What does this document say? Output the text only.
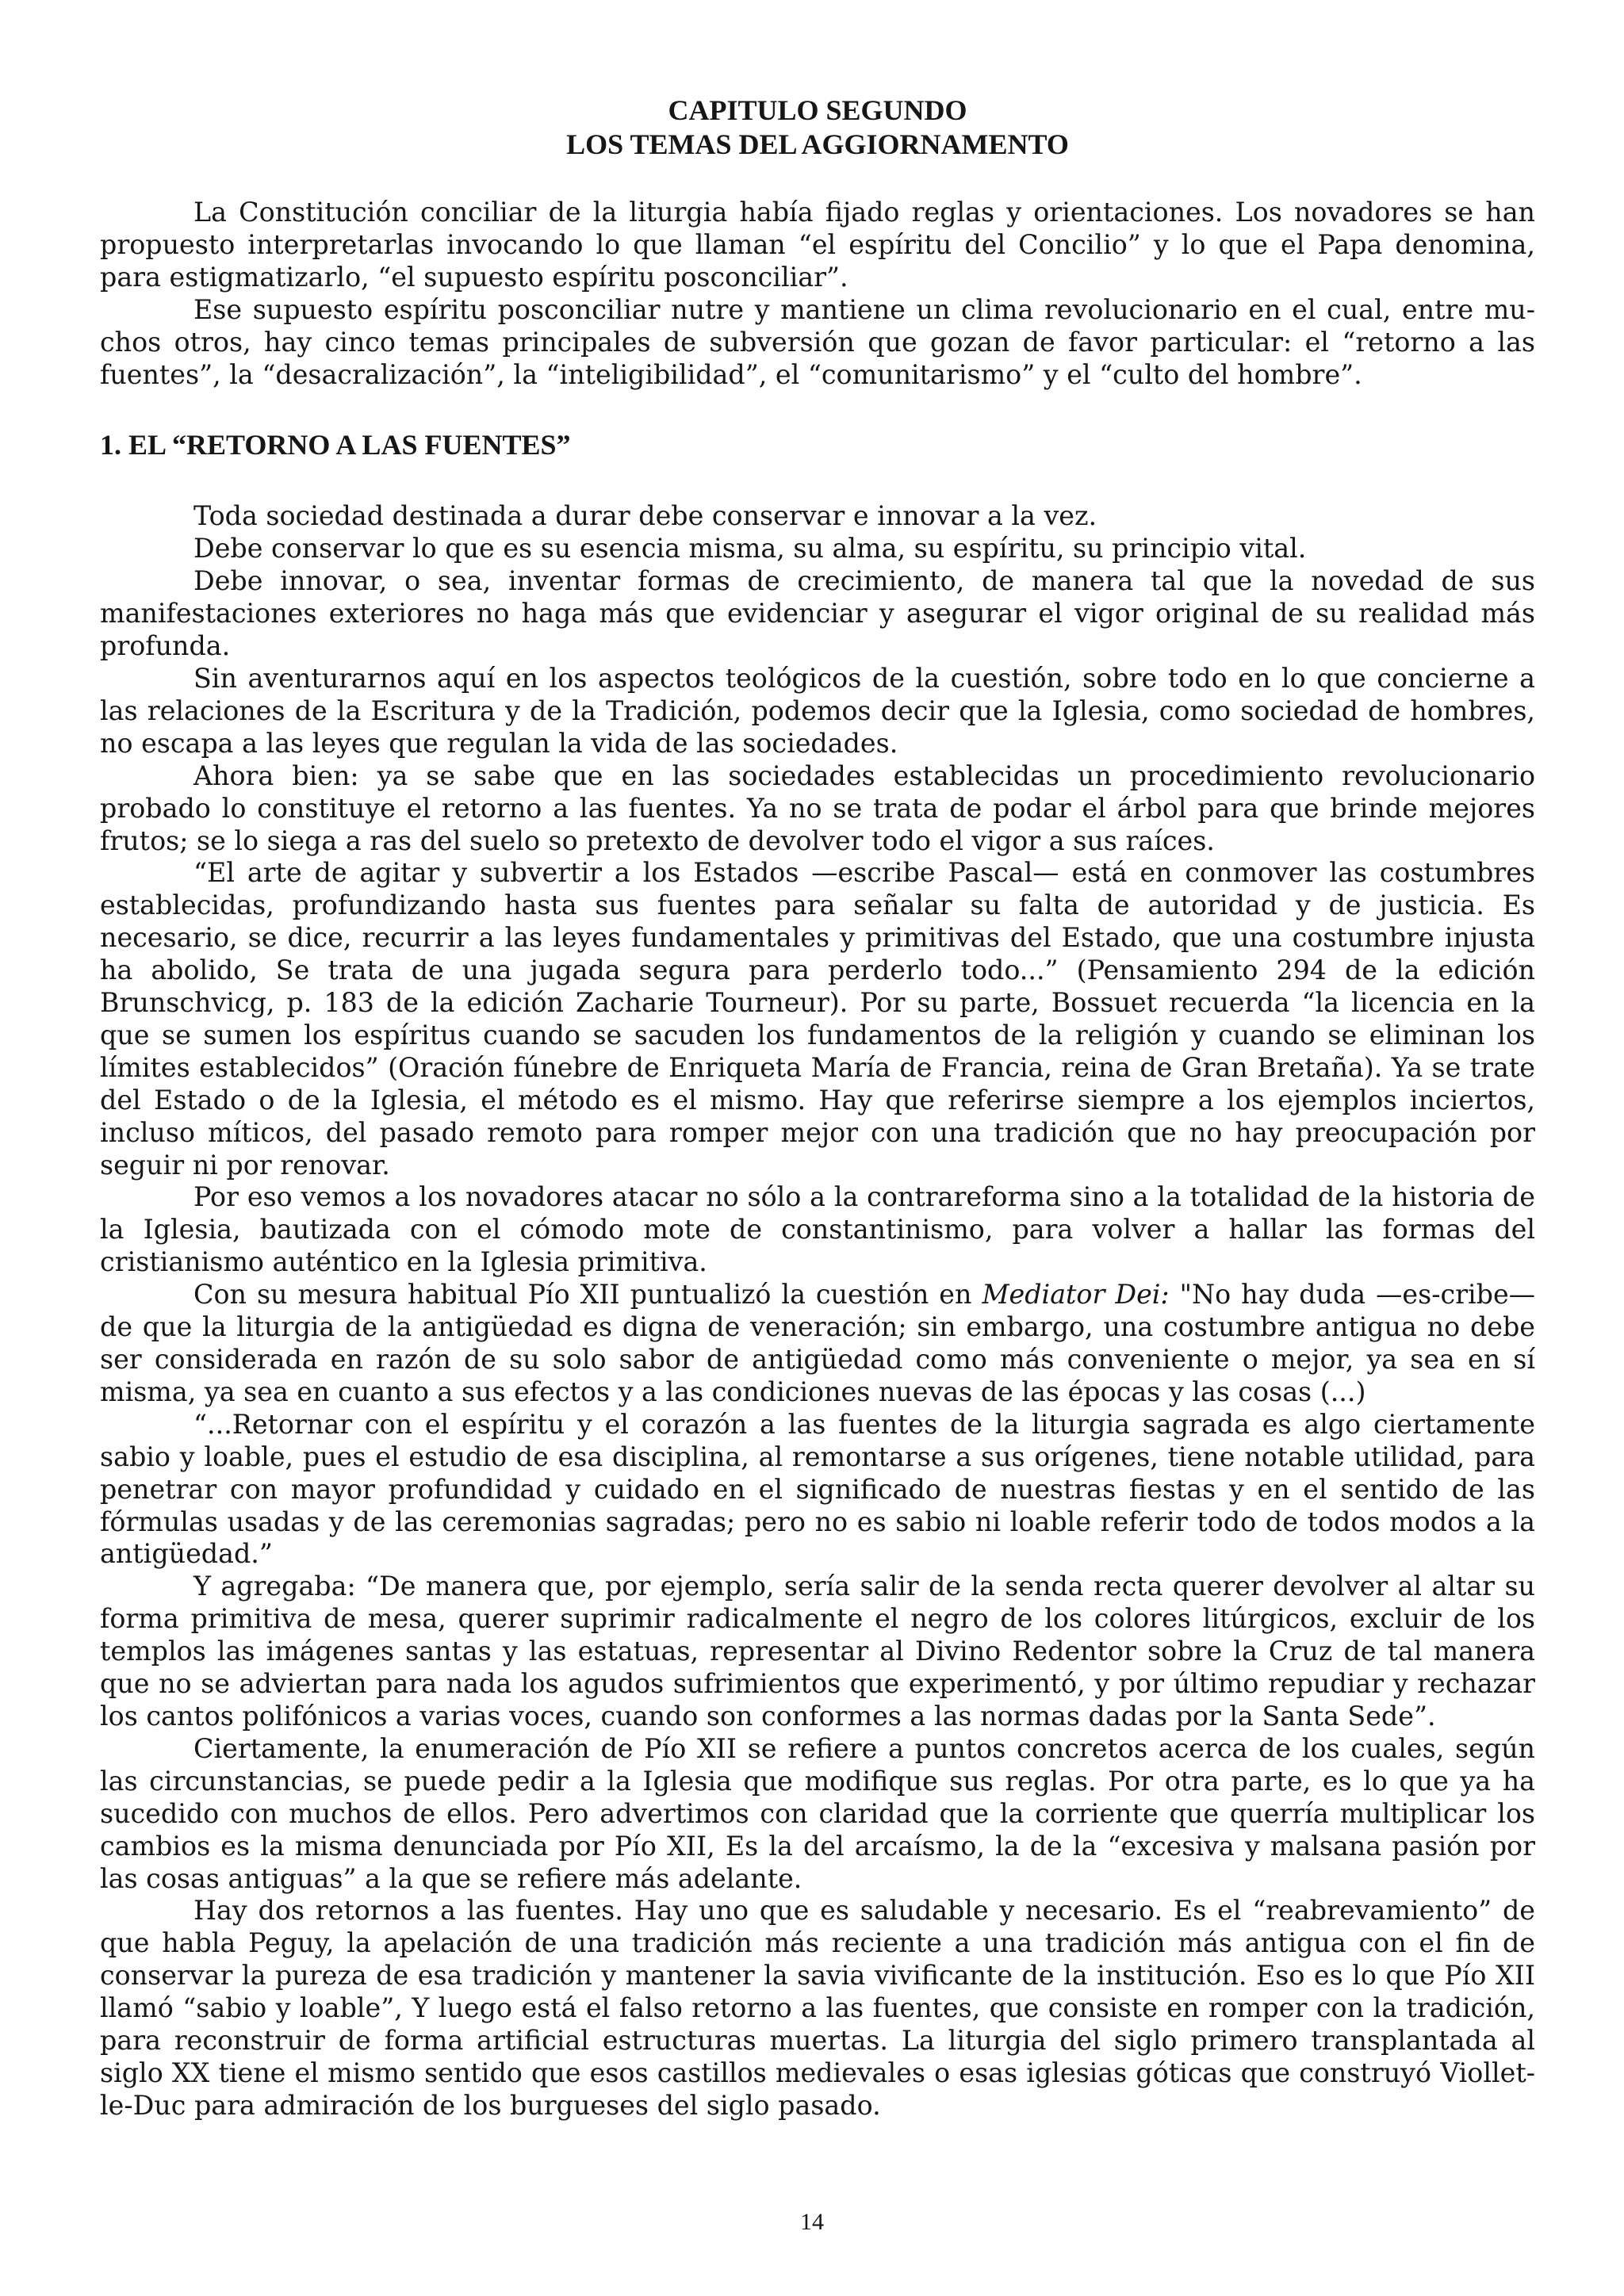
CAPITULO SEGUNDO
LOS TEMAS DEL AGGIORNAMENTO

La Constitución conciliar de la liturgia había fijado reglas y orientaciones. Los novadores se han propuesto interpretarlas invocando lo que llaman “el espíritu del Concilio” y lo que el Papa denomina, para estigmatizarlo, “el supuesto espíritu posconciliar”.

Ese supuesto espíritu posconciliar nutre y mantiene un clima revolucionario en el cual, entre muchos otros, hay cinco temas principales de subversión que gozan de favor particular: el “retorno a las fuentes”, la “desacralización”, la “inteligibilidad”, el “comunitarismo” y el “culto del hombre”.

1. EL “RETORNO A LAS FUENTES”

Toda sociedad destinada a durar debe conservar e innovar a la vez.

Debe conservar lo que es su esencia misma, su alma, su espíritu, su principio vital.

Debe innovar, o sea, inventar formas de crecimiento, de manera tal que la novedad de sus manifestaciones exteriores no haga más que evidenciar y asegurar el vigor original de su realidad más profunda.

Sin aventurarnos aquí en los aspectos teológicos de la cuestión, sobre todo en lo que concierne a las relaciones de la Escritura y de la Tradición, podemos decir que la Iglesia, como sociedad de hombres, no escapa a las leyes que regulan la vida de las sociedades.

Ahora bien: ya se sabe que en las sociedades establecidas un procedimiento revolucionario probado lo constituye el retorno a las fuentes. Ya no se trata de podar el árbol para que brinde mejores frutos; se lo siega a ras del suelo so pretexto de devolver todo el vigor a sus raíces.

“El arte de agitar y subvertir a los Estados —escribe Pascal— está en conmover las costumbres establecidas, profundizando hasta sus fuentes para señalar su falta de autoridad y de justicia. Es necesario, se dice, recurrir a las leyes fundamentales y primitivas del Estado, que una costumbre injusta ha abolido, Se trata de una jugada segura para perderlo todo...” (Pensamiento 294 de la edición Brunschvicg, p. 183 de la edición Zacharie Tourneur). Por su parte, Bossuet recuerda “la licencia en la que se sumen los espíritus cuando se sacuden los fundamentos de la religión y cuando se eliminan los límites establecidos” (Oración fúnebre de Enriqueta María de Francia, reina de Gran Bretaña). Ya se trate del Estado o de la Iglesia, el método es el mismo. Hay que referirse siempre a los ejemplos inciertos, incluso míticos, del pasado remoto para romper mejor con una tradición que no hay preocupación por seguir ni por renovar.

Por eso vemos a los novadores atacar no sólo a la contrareforma sino a la totalidad de la historia de la Iglesia, bautizada con el cómodo mote de constantinismo, para volver a hallar las formas del cristianismo auténtico en la Iglesia primitiva.

Con su mesura habitual Pío XII puntualizó la cuestión en Mediator Dei: "No hay duda —es-cribe— de que la liturgia de la antigüedad es digna de veneración; sin embargo, una costumbre antigua no debe ser considerada en razón de su solo sabor de antigüedad como más conveniente o mejor, ya sea en sí misma, ya sea en cuanto a sus efectos y a las condiciones nuevas de las épocas y las cosas (...)

“...Retornar con el espíritu y el corazón a las fuentes de la liturgia sagrada es algo ciertamente sabio y loable, pues el estudio de esa disciplina, al remontarse a sus orígenes, tiene notable utilidad, para penetrar con mayor profundidad y cuidado en el significado de nuestras fiestas y en el sentido de las fórmulas usadas y de las ceremonias sagradas; pero no es sabio ni loable referir todo de todos modos a la antigüedad.”

Y agregaba: “De manera que, por ejemplo, sería salir de la senda recta querer devolver al altar su forma primitiva de mesa, querer suprimir radicalmente el negro de los colores litúrgicos, excluir de los templos las imágenes santas y las estatuas, representar al Divino Redentor sobre la Cruz de tal manera que no se adviertan para nada los agudos sufrimientos que experimentó, y por último repudiar y rechazar los cantos polifónicos a varias voces, cuando son conformes a las normas dadas por la Santa Sede”.

Ciertamente, la enumeración de Pío XII se refiere a puntos concretos acerca de los cuales, según las circunstancias, se puede pedir a la Iglesia que modifique sus reglas. Por otra parte, es lo que ya ha sucedido con muchos de ellos. Pero advertimos con claridad que la corriente que querría multiplicar los cambios es la misma denunciada por Pío XII, Es la del arcaísmo, la de la “excesiva y malsana pasión por las cosas antiguas” a la que se refiere más adelante.

Hay dos retornos a las fuentes. Hay uno que es saludable y necesario. Es el “reabrevamiento” de que habla Peguy, la apelación de una tradición más reciente a una tradición más antigua con el fin de conservar la pureza de esa tradición y mantener la savia vivificante de la institución. Eso es lo que Pío XII llamó “sabio y loable”, Y luego está el falso retorno a las fuentes, que consiste en romper con la tradición, para reconstruir de forma artificial estructuras muertas. La liturgia del siglo primero transplantada al siglo XX tiene el mismo sentido que esos castillos medievales o esas iglesias góticas que construyó Viollet-le-Duc para admiración de los burgueses del siglo pasado.

14
